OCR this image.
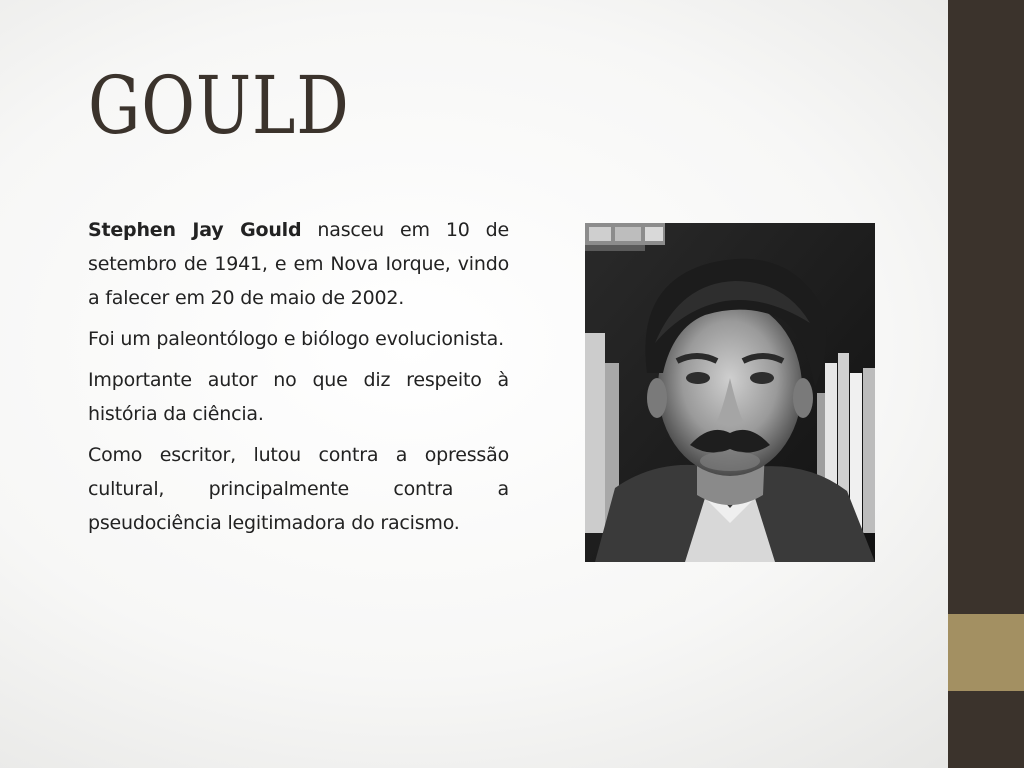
GOULD

Stephen Jay Gould nasceu em 10 de setembro de 1941, e em Nova Iorque, vindo a falecer em 20 de maio de 2002.

Foi um paleontólogo e biólogo evolucionista.

Importante autor no que diz respeito à história da ciência.

Como escritor, lutou contra a opressão cultural, principalmente contra a pseudociência legitimadora do racismo.
